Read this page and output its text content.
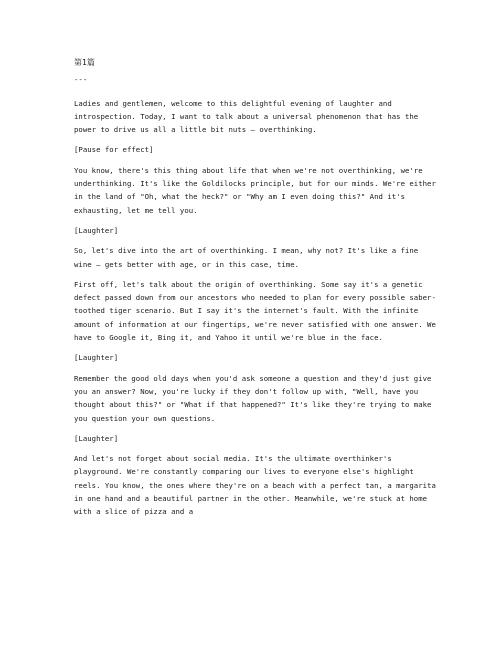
第1篇
---

Ladies and gentlemen, welcome to this delightful evening of laughter and introspection. Today, I want to talk about a universal phenomenon that has the power to drive us all a little bit nuts – overthinking.

[Pause for effect]

You know, there's this thing about life that when we're not overthinking, we're underthinking. It's like the Goldilocks principle, but for our minds. We're either in the land of "Oh, what the heck?" or "Why am I even doing this?" And it's exhausting, let me tell you.

[Laughter]

So, let's dive into the art of overthinking. I mean, why not? It's like a fine wine – gets better with age, or in this case, time.

First off, let's talk about the origin of overthinking. Some say it's a genetic defect passed down from our ancestors who needed to plan for every possible saber-toothed tiger scenario. But I say it's the internet's fault. With the infinite amount of information at our fingertips, we're never satisfied with one answer. We have to Google it, Bing it, and Yahoo it until we're blue in the face.

[Laughter]

Remember the good old days when you'd ask someone a question and they'd just give you an answer? Now, you're lucky if they don't follow up with, "Well, have you thought about this?" or "What if that happened?" It's like they're trying to make you question your own questions.

[Laughter]

And let's not forget about social media. It's the ultimate overthinker's playground. We're constantly comparing our lives to everyone else's highlight reels. You know, the ones where they're on a beach with a perfect tan, a margarita in one hand and a beautiful partner in the other. Meanwhile, we're stuck at home with a slice of pizza and a
